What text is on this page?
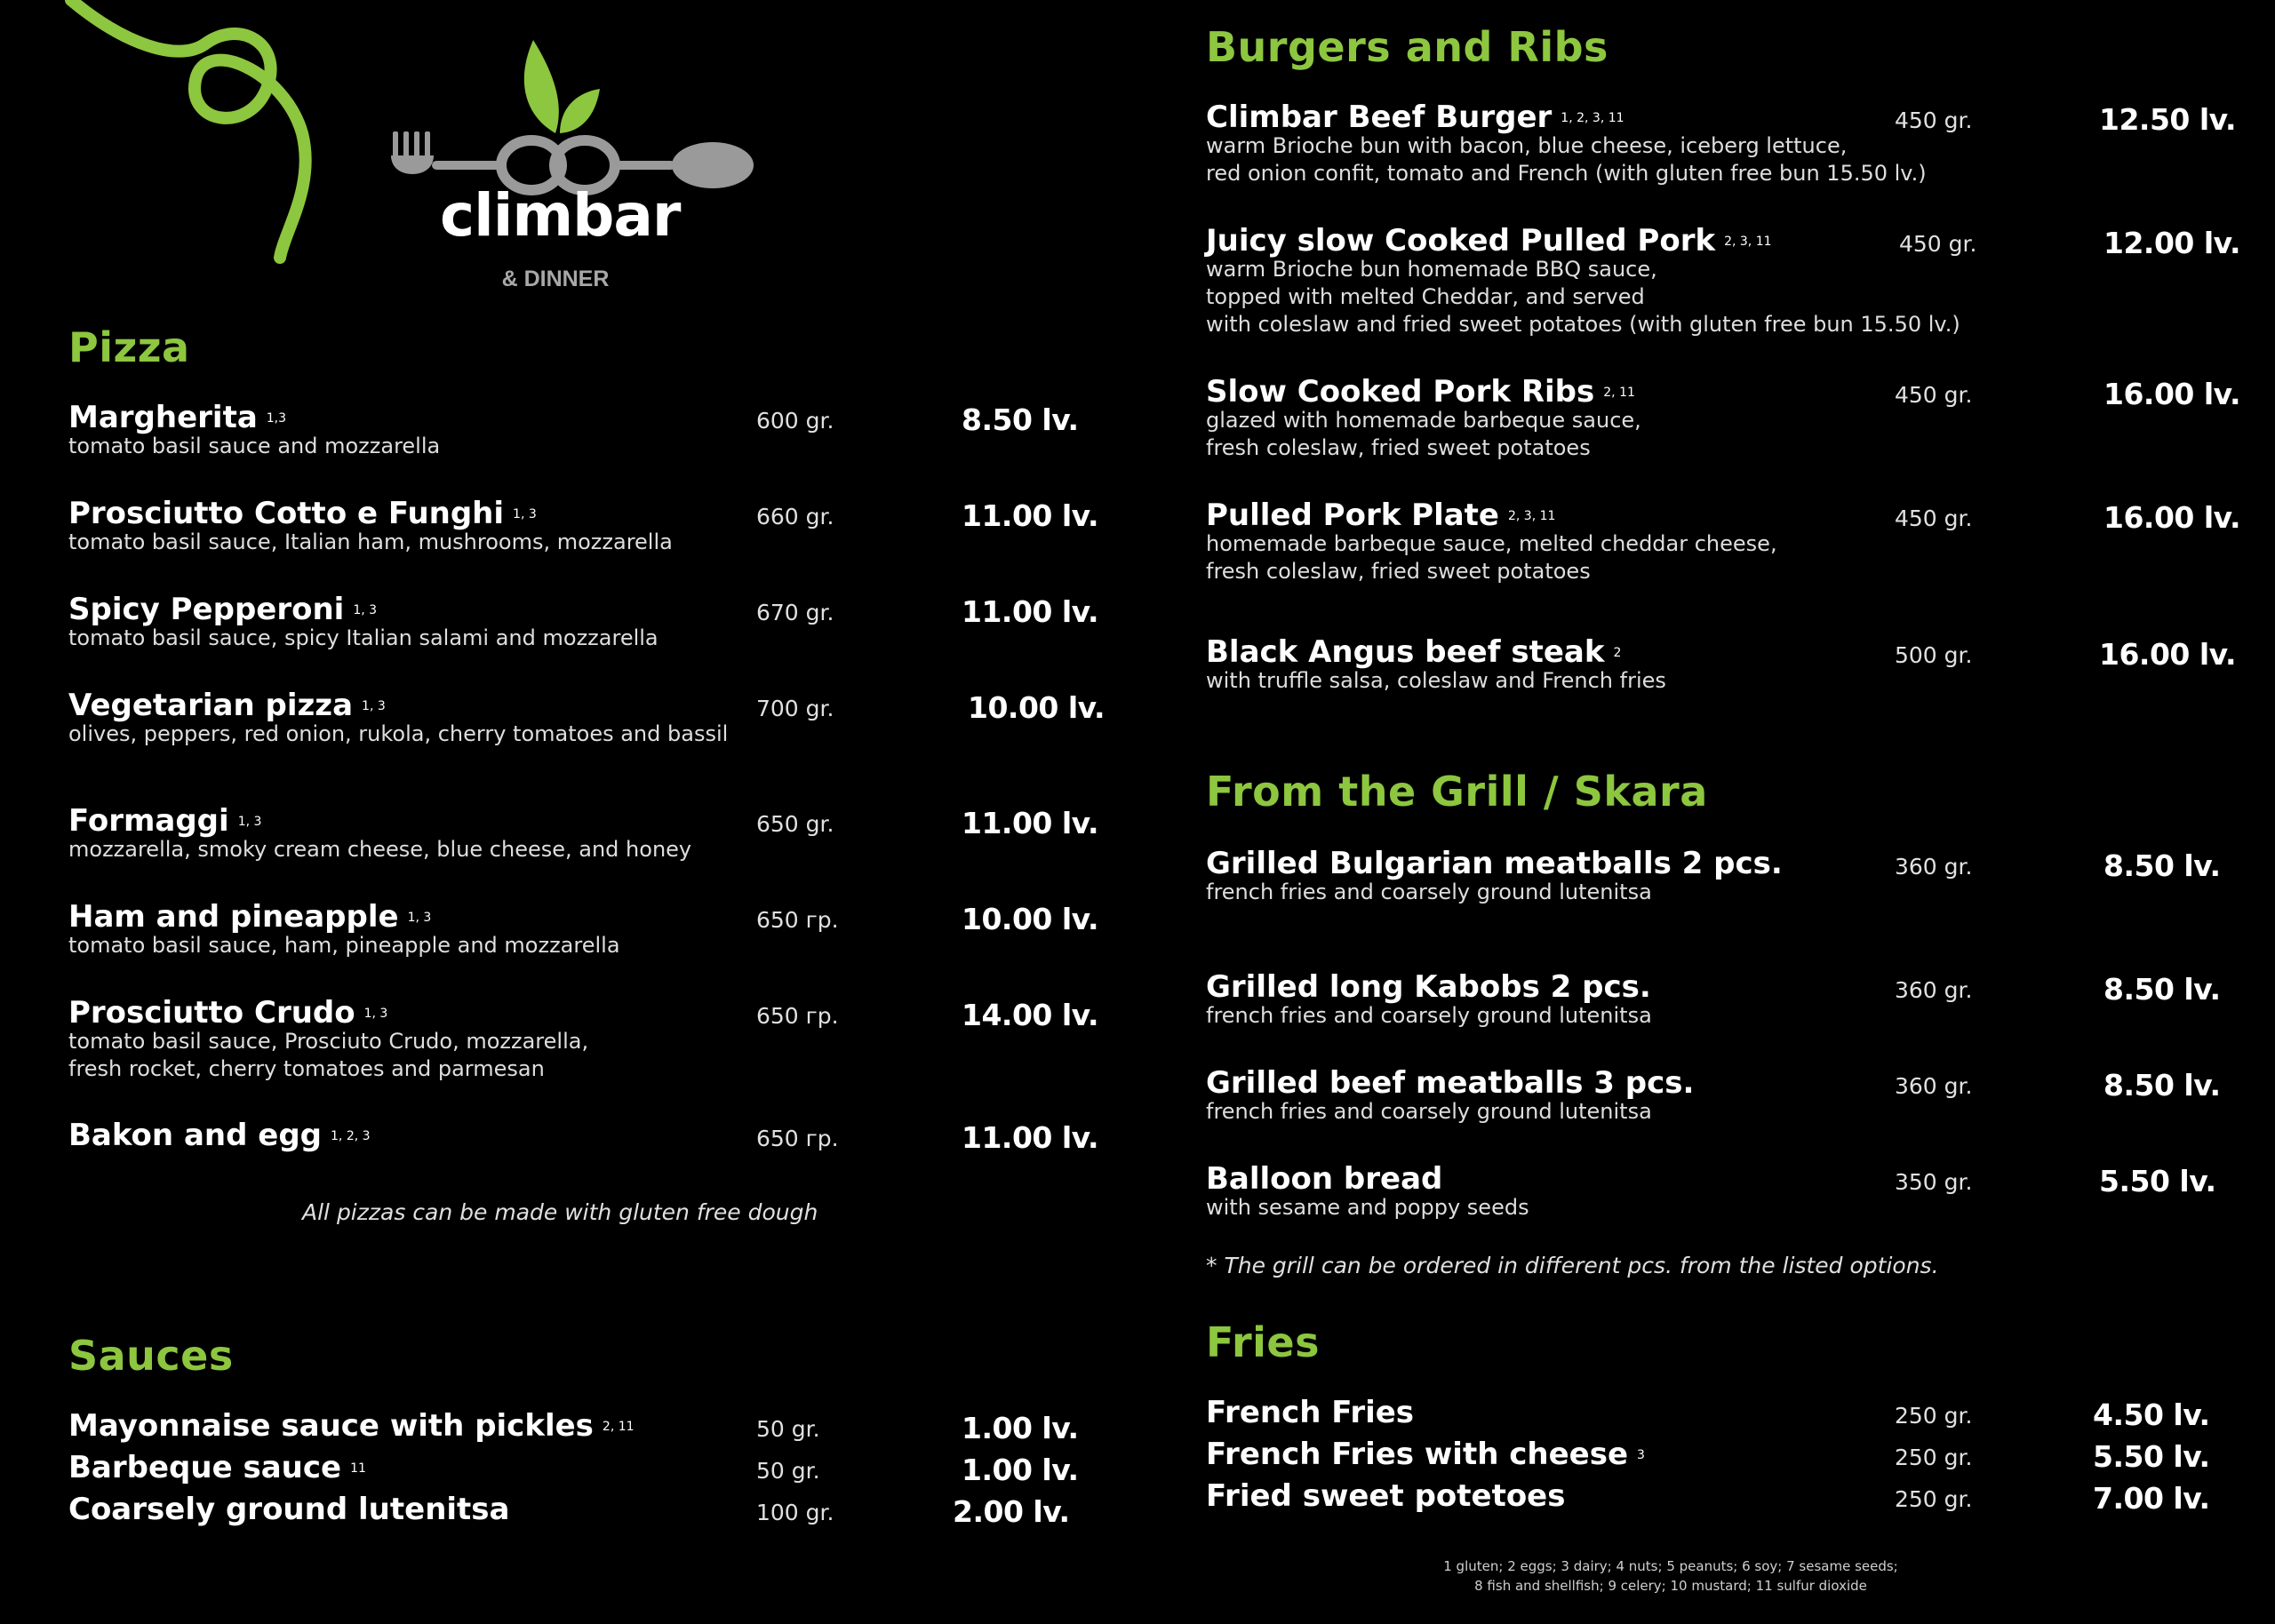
climbar
& DINNER
Pizza
Margherita 1,3
tomato basil sauce and mozzarella
600 gr.	8.50 lv.
Prosciutto Cotto e Funghi 1, 3
tomato basil sauce, Italian ham, mushrooms, mozzarella
660 gr.	11.00 lv.
Spicy Pepperoni 1, 3
tomato basil sauce, spicy Italian salami and mozzarella
670 gr.	11.00 lv.
Vegetarian pizza 1, 3
olives, peppers, red onion, rukola, cherry tomatoes and bassil
700 gr.	10.00 lv.
Formaggi 1, 3
mozzarella, smoky cream cheese, blue cheese, and honey
650 gr.	11.00 lv.
Ham and pineapple 1, 3
tomato basil sauce, ham, pineapple and mozzarella
650 гр.	10.00 lv.
Prosciutto Crudo 1, 3
tomato basil sauce, Prosciuto Crudo, mozzarella,
fresh rocket, cherry tomatoes and parmesan
650 гр.	14.00 lv.
Bakon and egg 1, 2, 3	650 гр.	11.00 lv.
All pizzas can be made with gluten free dough
Sauces
Mayonnaise sauce with pickles 2, 11	50 gr.	1.00 lv.
Barbeque sauce 11	50 gr.	1.00 lv.
Coarsely ground lutenitsa	100 gr.	2.00 lv.
Burgers and Ribs
Climbar Beef Burger 1, 2, 3, 11
warm Brioche bun with bacon, blue cheese, iceberg lettuce,
red onion confit, tomato and French (with gluten free bun 15.50 lv.)
450 gr.	12.50 lv.
Juicy slow Cooked Pulled Pork 2, 3, 11
warm Brioche bun homemade BBQ sauce,
topped with melted Cheddar, and served
with coleslaw and fried sweet potatoes (with gluten free bun 15.50 lv.)
450 gr.	12.00 lv.
Slow Cooked Pork Ribs 2, 11
glazed with homemade barbeque sauce,
fresh coleslaw, fried sweet potatoes
450 gr.	16.00 lv.
Pulled Pork Plate 2, 3, 11
homemade barbeque sauce, melted cheddar cheese,
fresh coleslaw, fried sweet potatoes
450 gr.	16.00 lv.
Black Angus beef steak 2
with truffle salsa, coleslaw and French fries
500 gr.	16.00 lv.
From the Grill / Skara
Grilled Bulgarian meatballs 2 pcs.
french fries and coarsely ground lutenitsa
360 gr.	8.50 lv.
Grilled long Kabobs 2 pcs.
french fries and coarsely ground lutenitsa
360 gr.	8.50 lv.
Grilled beef meatballs 3 pcs.
french fries and coarsely ground lutenitsa
360 gr.	8.50 lv.
Balloon bread
with sesame and poppy seeds
350 gr.	5.50 lv.
* The grill can be ordered in different pcs. from the listed options.
Fries
French Fries	250 gr.	4.50 lv.
French Fries with cheese 3	250 gr.	5.50 lv.
Fried sweet potetoes	250 gr.	7.00 lv.
1 gluten; 2 eggs; 3 dairy; 4 nuts; 5 peanuts; 6 soy; 7 sesame seeds;
8 fish and shellfish; 9 celery; 10 mustard; 11 sulfur dioxide
